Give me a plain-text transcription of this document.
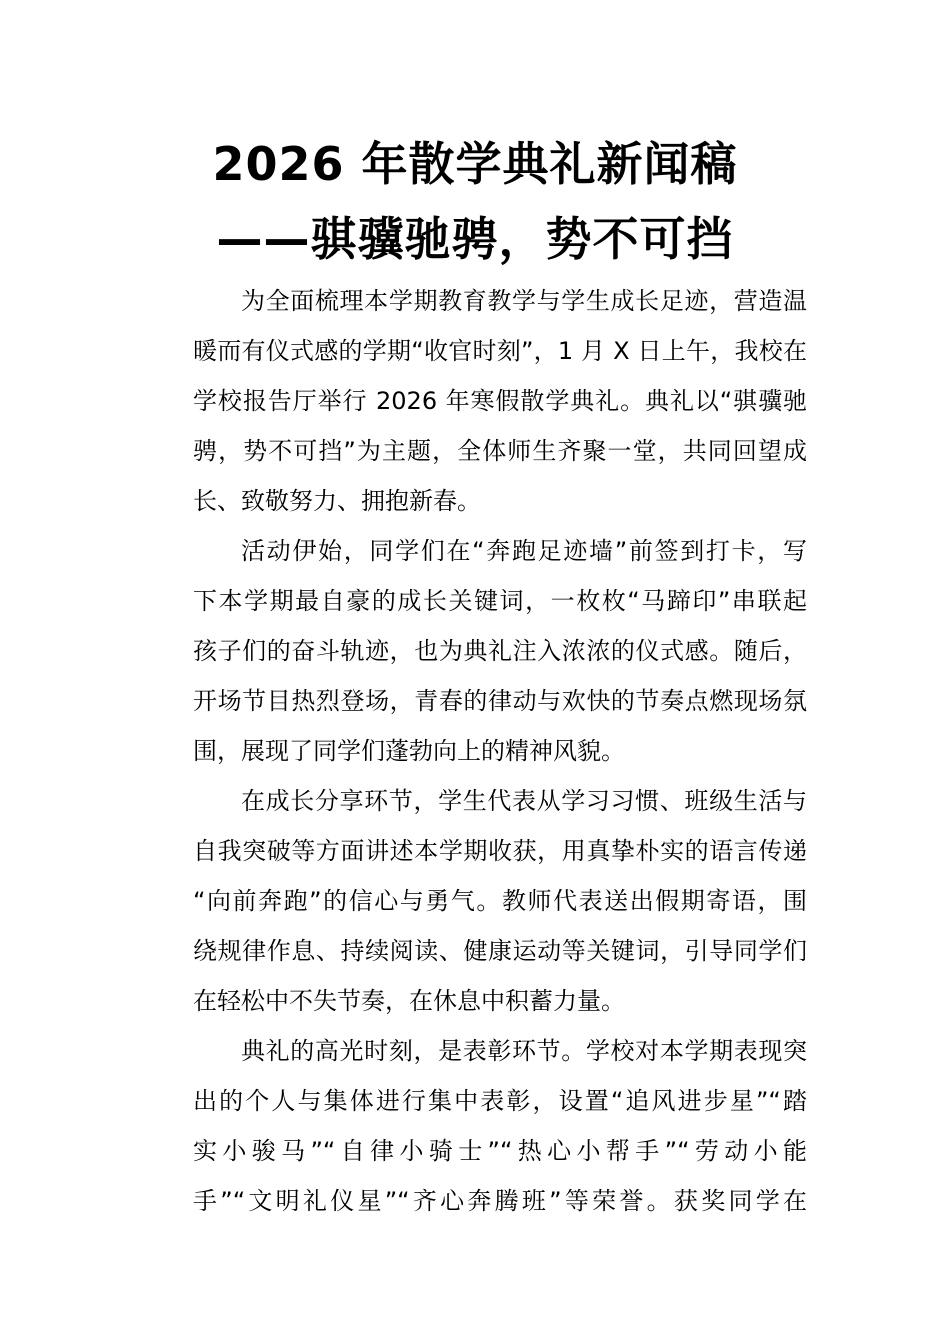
2026 年散学典礼新闻稿
——骐骥驰骋，势不可挡
为全面梳理本学期教育教学与学生成长足迹，营造温
暖而有仪式感的学期“收官时刻”，1 月 X 日上午，我校在
学校报告厅举行 2026 年寒假散学典礼。典礼以“骐骥驰
骋，势不可挡”为主题，全体师生齐聚一堂，共同回望成
长、致敬努力、拥抱新春。
活动伊始，同学们在“奔跑足迹墙”前签到打卡，写
下本学期最自豪的成长关键词，一枚枚“马蹄印”串联起
孩子们的奋斗轨迹，也为典礼注入浓浓的仪式感。随后，
开场节目热烈登场，青春的律动与欢快的节奏点燃现场氛
围，展现了同学们蓬勃向上的精神风貌。
在成长分享环节，学生代表从学习习惯、班级生活与
自我突破等方面讲述本学期收获，用真挚朴实的语言传递
“向前奔跑”的信心与勇气。教师代表送出假期寄语，围
绕规律作息、持续阅读、健康运动等关键词，引导同学们
在轻松中不失节奏，在休息中积蓄力量。
典礼的高光时刻，是表彰环节。学校对本学期表现突
出的个人与集体进行集中表彰，设置“追风进步星”“踏
实小骏马”“自律小骑士”“热心小帮手”“劳动小能
手”“文明礼仪星”“齐心奔腾班”等荣誉。获奖同学在
